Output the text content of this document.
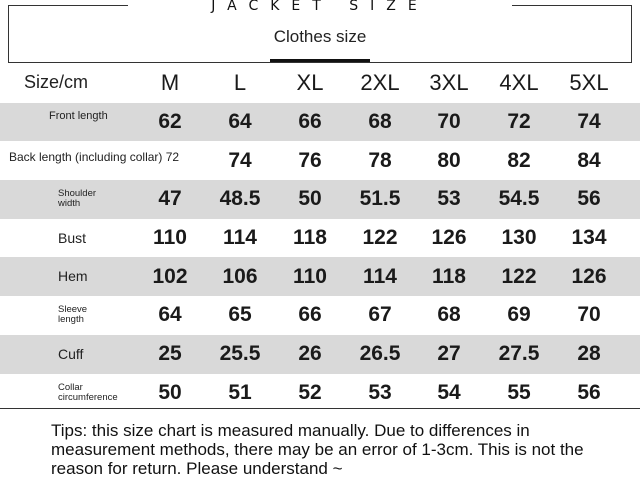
JACKET SIZE
Clothes size
Size/cm	M	L	XL	2XL	3XL	4XL	5XL
Front length	62	64	66	68	70	72	74
Back length (including collar) 72	74	76	78	80	82	84
Shoulder width	47	48.5	50	51.5	53	54.5	56
Bust	110	114	118	122	126	130	134
Hem	102	106	110	114	118	122	126
Sleeve length	64	65	66	67	68	69	70
Cuff	25	25.5	26	26.5	27	27.5	28
Collar circumference	50	51	52	53	54	55	56
Tips: this size chart is measured manually. Due to differences in measurement methods, there may be an error of 1-3cm. This is not the reason for return. Please understand ~
